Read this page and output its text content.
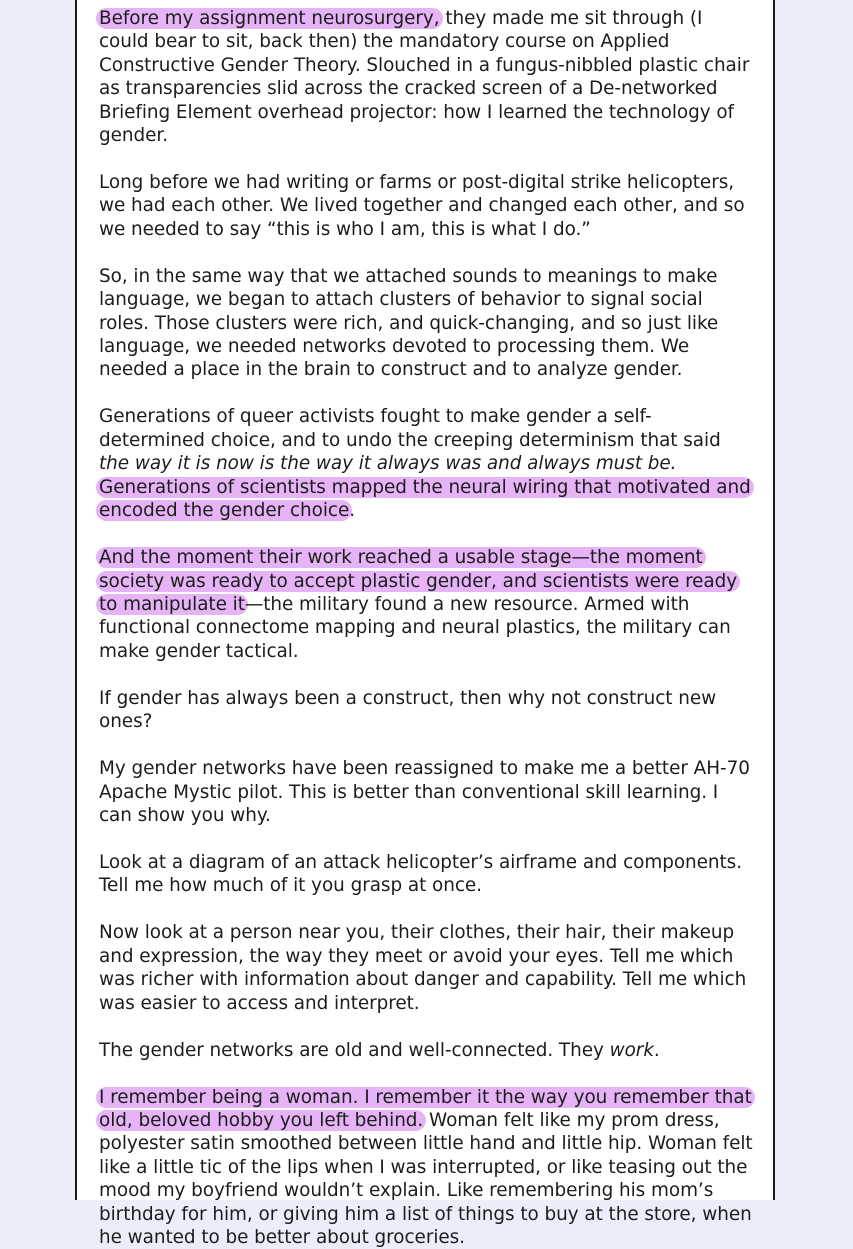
Before my assignment neurosurgery, they made me sit through (I could bear to sit, back then) the mandatory course on Applied Constructive Gender Theory. Slouched in a fungus-nibbled plastic chair as transparencies slid across the cracked screen of a De-networked Briefing Element overhead projector: how I learned the technology of gender.

Long before we had writing or farms or post-digital strike helicopters, we had each other. We lived together and changed each other, and so we needed to say “this is who I am, this is what I do.”

So, in the same way that we attached sounds to meanings to make language, we began to attach clusters of behavior to signal social roles. Those clusters were rich, and quick-changing, and so just like language, we needed networks devoted to processing them. We needed a place in the brain to construct and to analyze gender.

Generations of queer activists fought to make gender a self-determined choice, and to undo the creeping determinism that said the way it is now is the way it always was and always must be. Generations of scientists mapped the neural wiring that motivated and encoded the gender choice.

And the moment their work reached a usable stage—the moment society was ready to accept plastic gender, and scientists were ready to manipulate it—the military found a new resource. Armed with functional connectome mapping and neural plastics, the military can make gender tactical.

If gender has always been a construct, then why not construct new ones?

My gender networks have been reassigned to make me a better AH-70 Apache Mystic pilot. This is better than conventional skill learning. I can show you why.

Look at a diagram of an attack helicopter’s airframe and components. Tell me how much of it you grasp at once.

Now look at a person near you, their clothes, their hair, their makeup and expression, the way they meet or avoid your eyes. Tell me which was richer with information about danger and capability. Tell me which was easier to access and interpret.

The gender networks are old and well-connected. They work.

I remember being a woman. I remember it the way you remember that old, beloved hobby you left behind. Woman felt like my prom dress, polyester satin smoothed between little hand and little hip. Woman felt like a little tic of the lips when I was interrupted, or like teasing out the mood my boyfriend wouldn’t explain. Like remembering his mom’s birthday for him, or giving him a list of things to buy at the store, when he wanted to be better about groceries.
